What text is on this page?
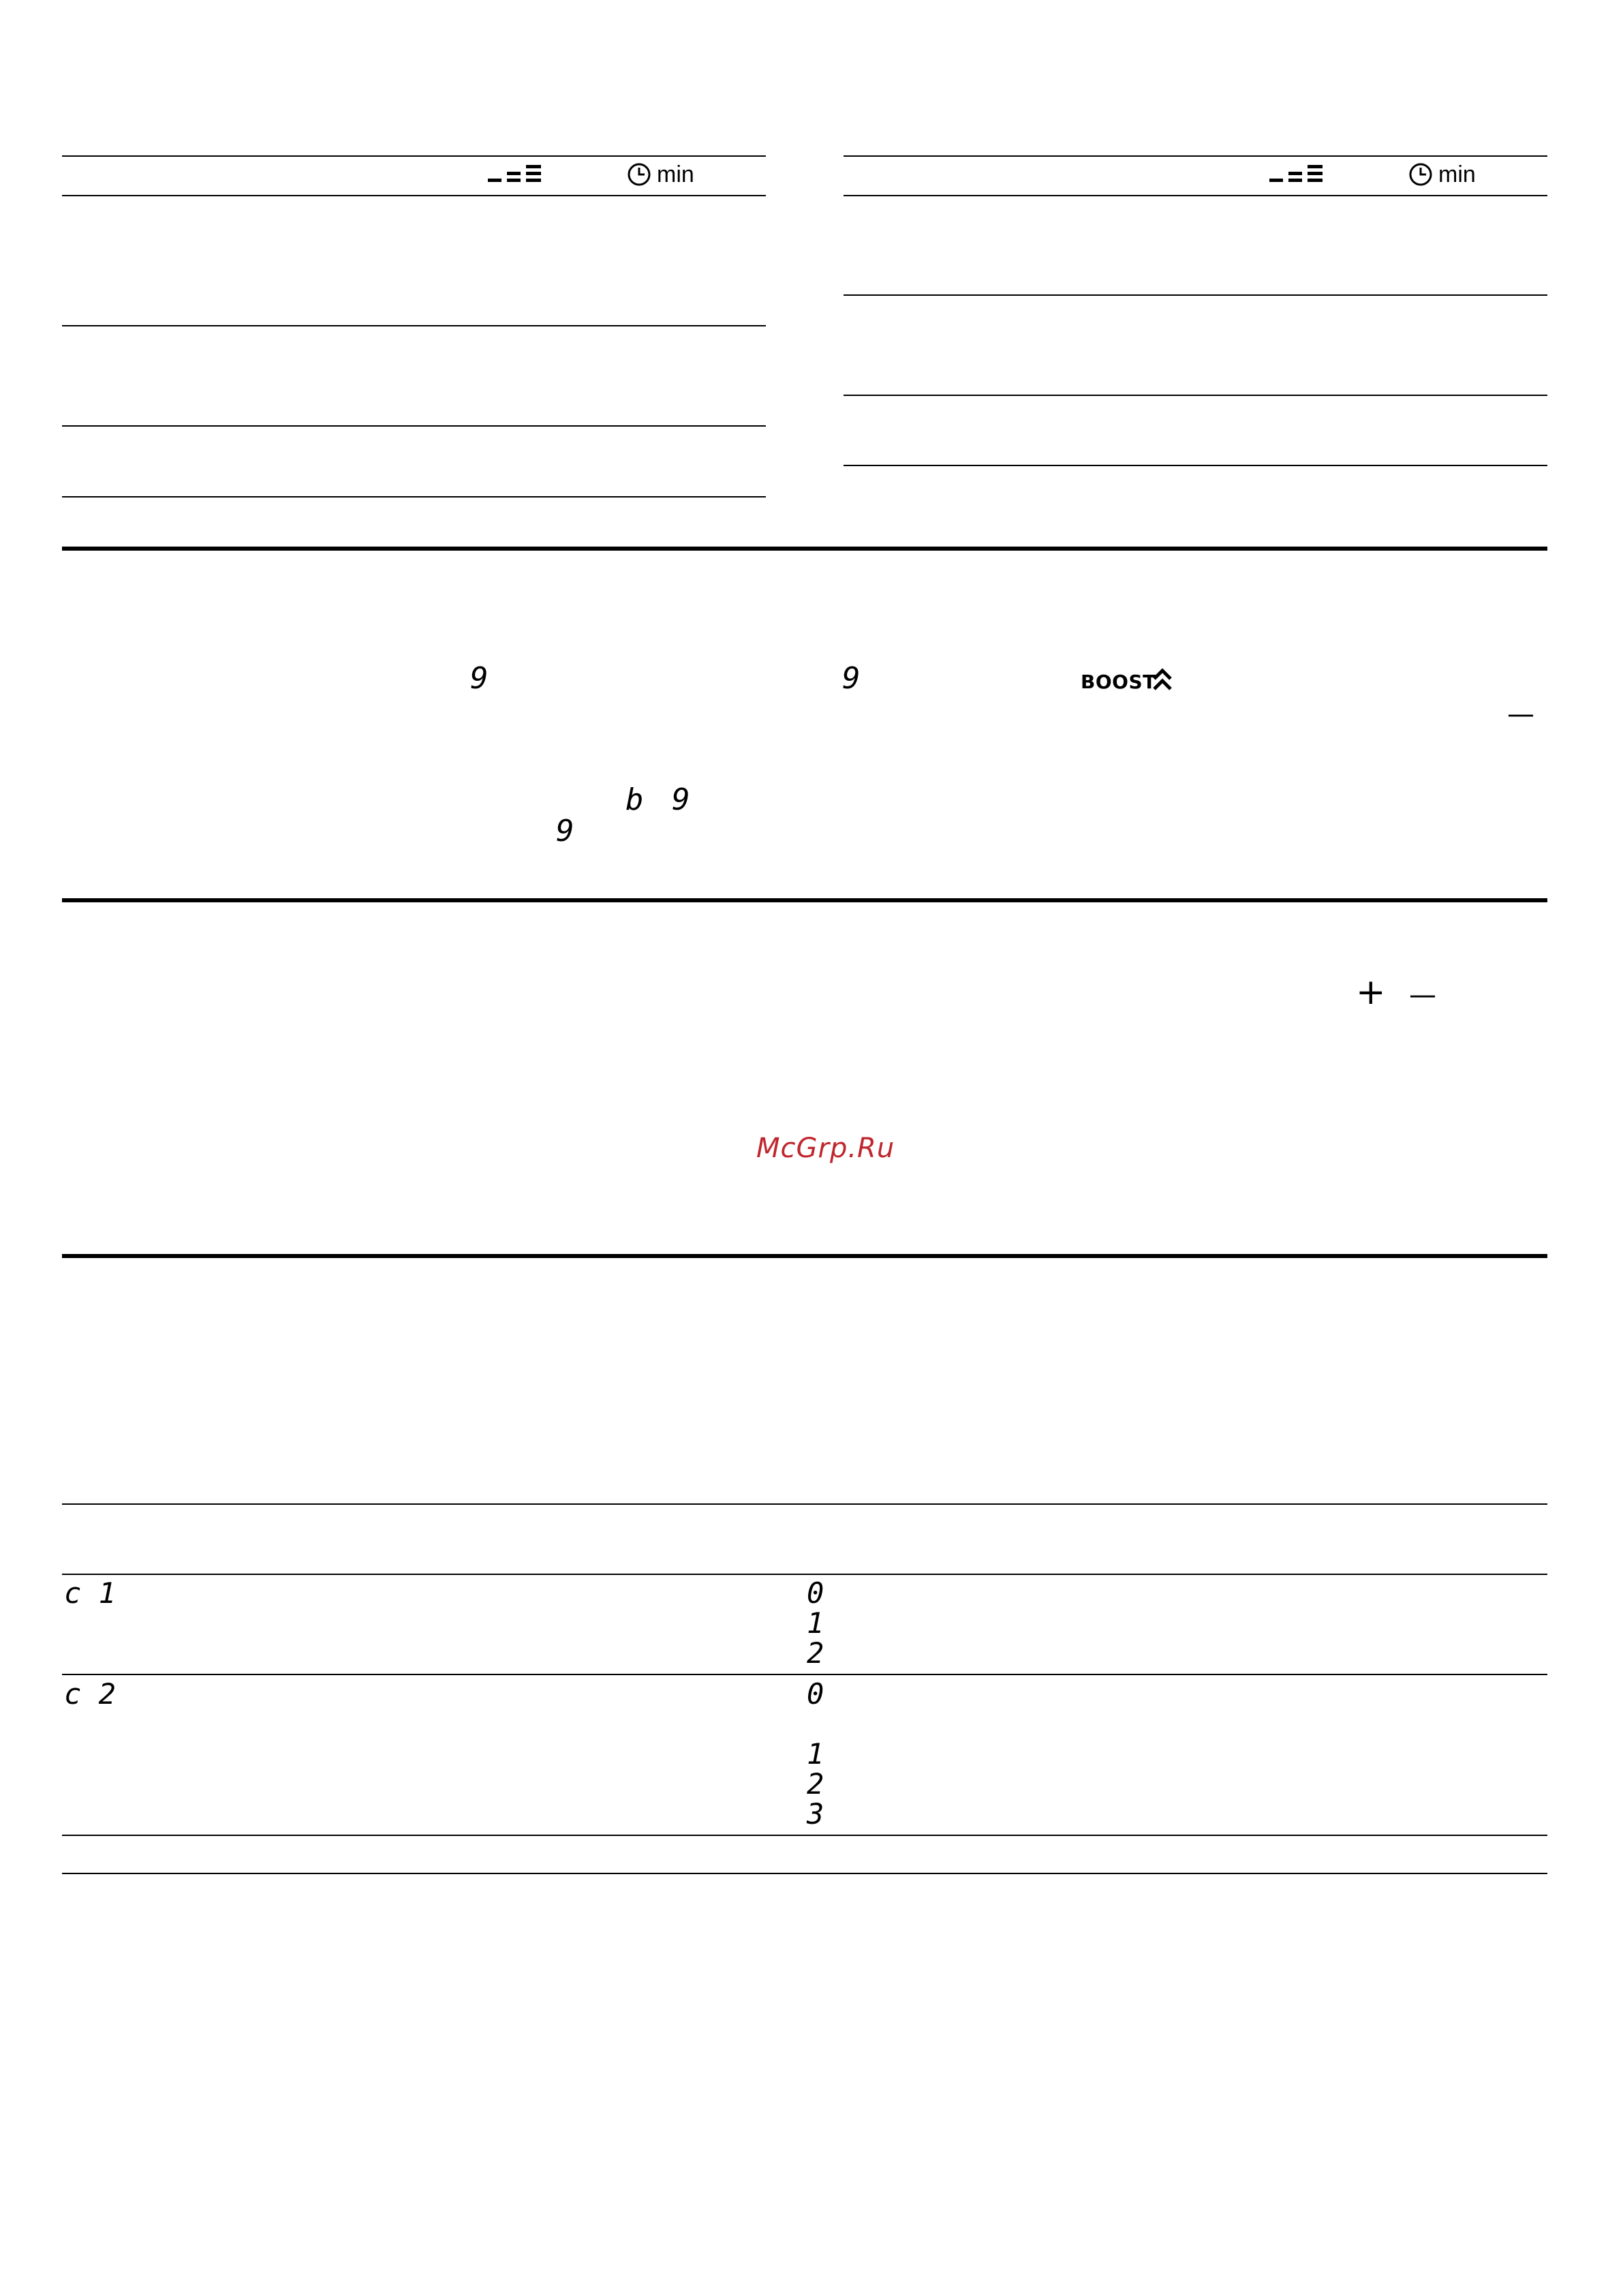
min	min
9	9	BOOST
—
b 9
9
+ —
McGrp.Ru
c 1	0
1
2
c 2	0
1
2
3
